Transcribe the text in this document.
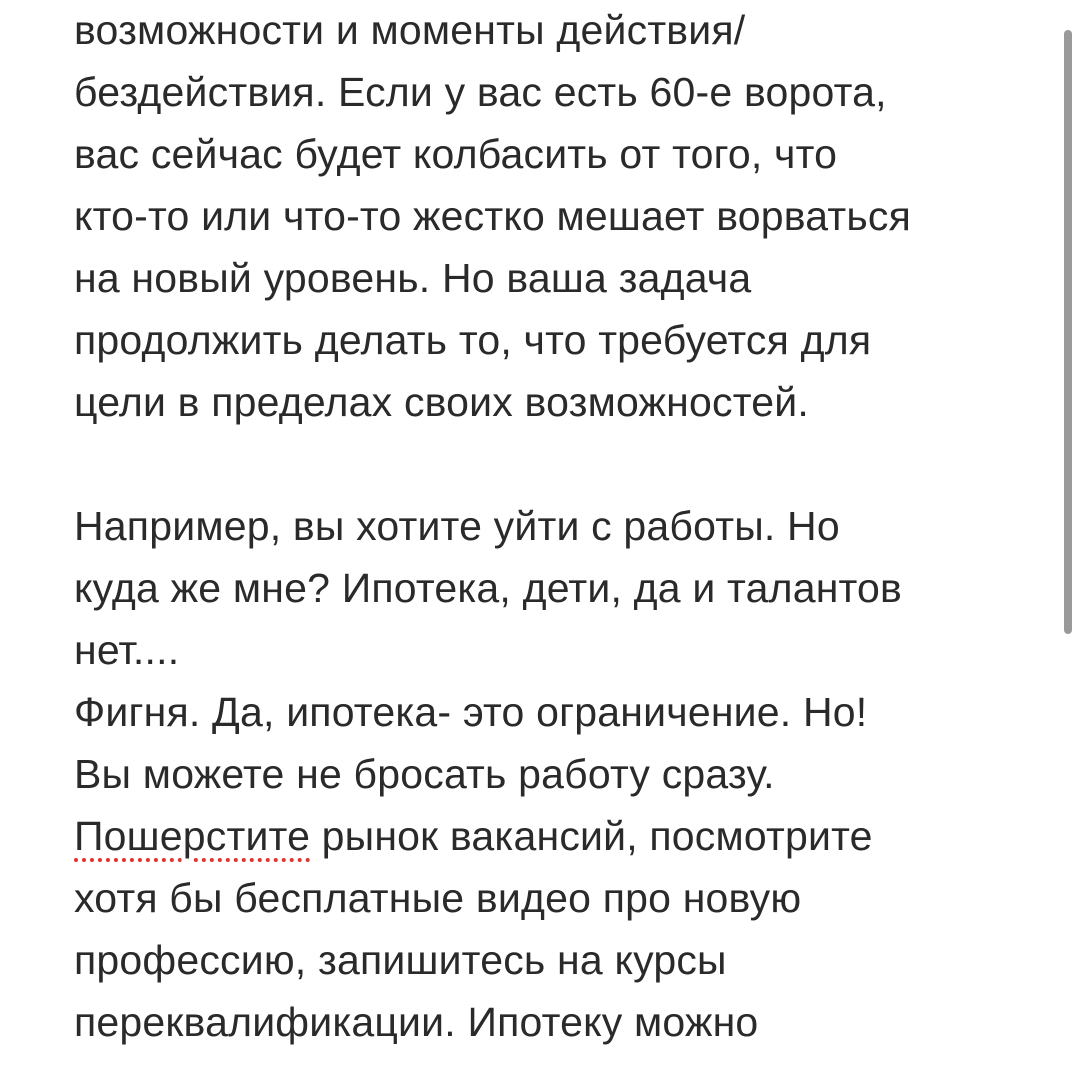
возможности и моменты действия/
бездействия. Если у вас есть 60-е ворота,
вас сейчас будет колбасить от того, что
кто-то или что-то жестко мешает ворваться
на новый уровень. Но ваша задача
продолжить делать то, что требуется для
цели в пределах своих возможностей.
Например, вы хотите уйти с работы. Но
куда же мне? Ипотека, дети, да и талантов
нет....
Фигня. Да, ипотека- это ограничение. Но!
Вы можете не бросать работу сразу.
Пошерстите рынок вакансий, посмотрите
хотя бы бесплатные видео про новую
профессию, запишитесь на курсы
переквалификации. Ипотеку можно
